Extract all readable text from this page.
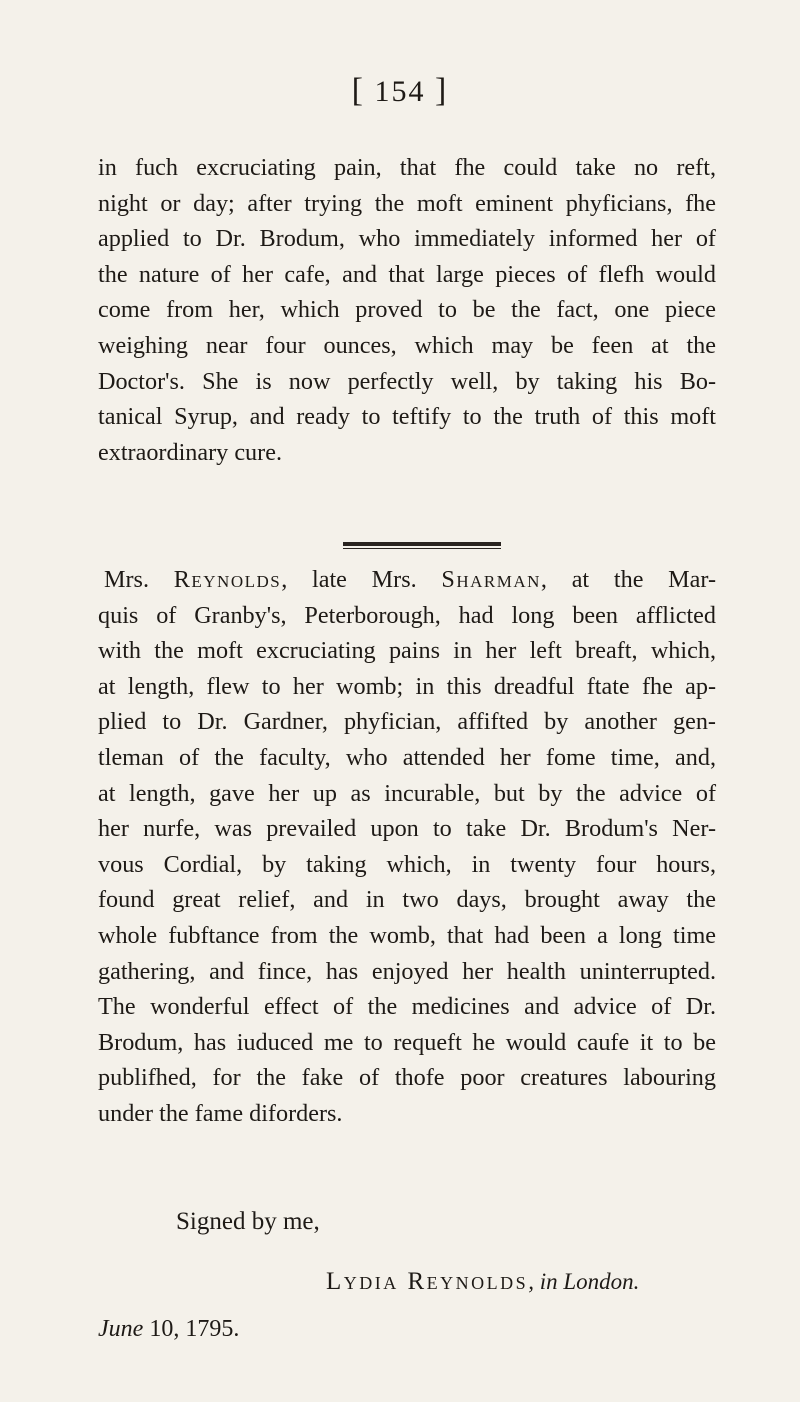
[ 154 ]

in fuch excruciating pain, that fhe could take no reft,
night or day; after trying the moft eminent phyficians, fhe
applied to Dr. Brodum, who immediately informed her of
the nature of her cafe, and that large pieces of flefh would
come from her, which proved to be the fact, one piece
weighing near four ounces, which may be feen at the
Doctor's. She is now perfectly well, by taking his Bo-
tanical Syrup, and ready to teftify to the truth of this moft
extraordinary cure.

Mrs. Reynolds, late Mrs. Sharman, at the Mar-
quis of Granby's, Peterborough, had long been afflicted
with the moft excruciating pains in her left breaft, which,
at length, flew to her womb; in this dreadful ftate fhe ap-
plied to Dr. Gardner, phyfician, affifted by another gen-
tleman of the faculty, who attended her fome time, and,
at length, gave her up as incurable, but by the advice of
her nurfe, was prevailed upon to take Dr. Brodum's Ner-
vous Cordial, by taking which, in twenty four hours,
found great relief, and in two days, brought away the
whole fubftance from the womb, that had been a long time
gathering, and fince, has enjoyed her health uninterrupted.
The wonderful effect of the medicines and advice of Dr.
Brodum, has iuduced me to requeft he would caufe it to be
publifhed, for the fake of thofe poor creatures labouring
under the fame diforders.

Signed by me,
Lydia Reynolds, in London.
June 10, 1795.
